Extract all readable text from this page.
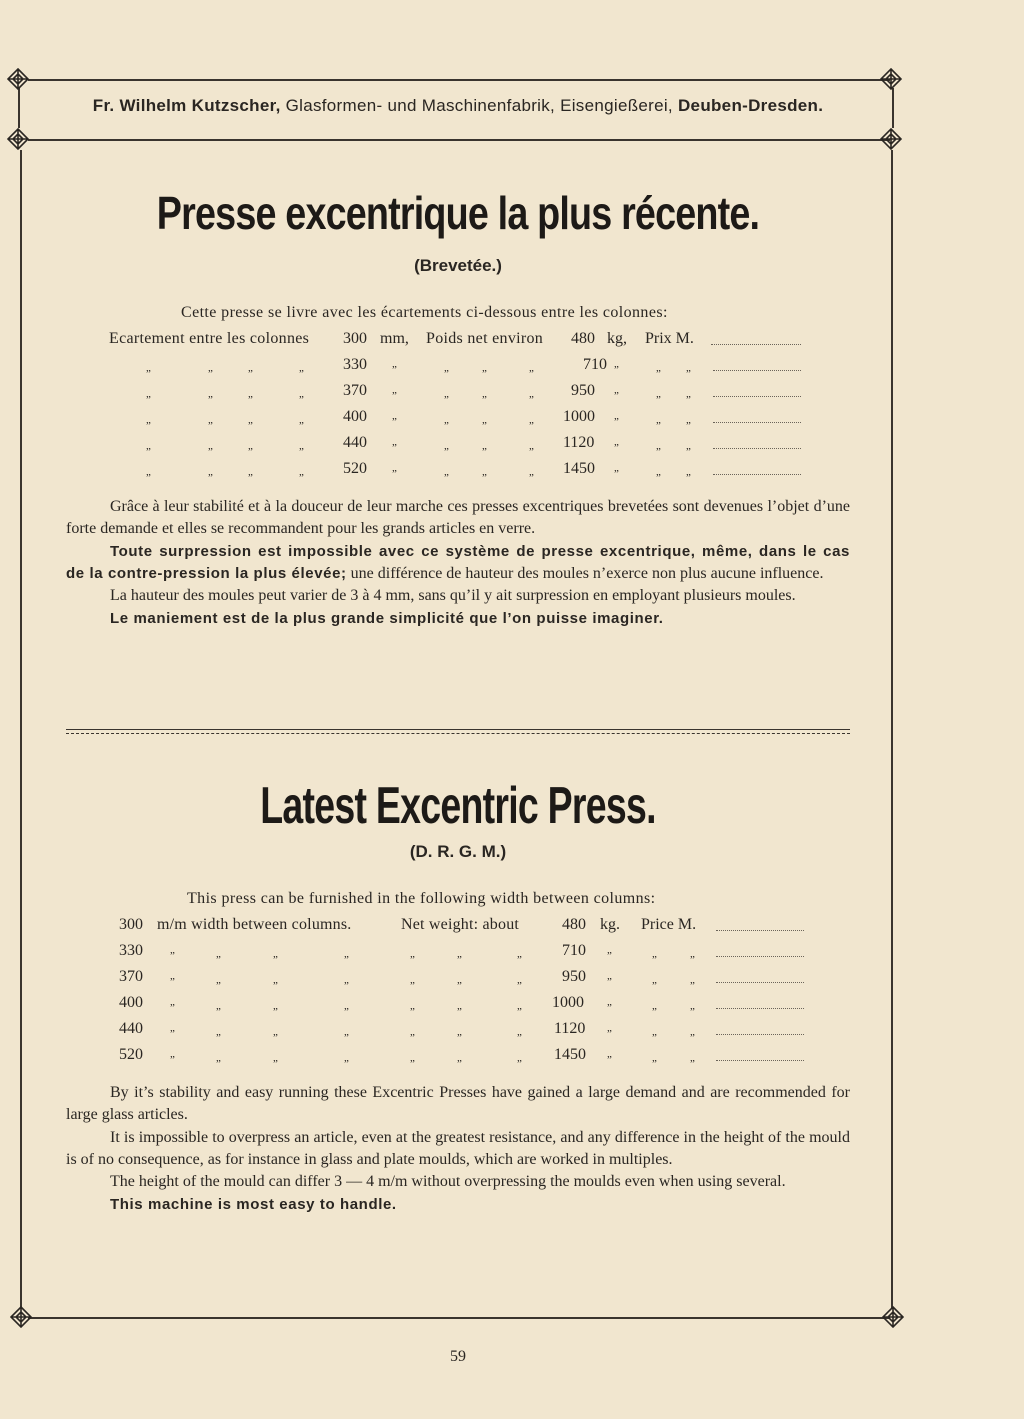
Fr. Wilhelm Kutzscher, Glasformen- und Maschinenfabrik, Eisengießerei, Deuben-Dresden.
Presse excentrique la plus récente.
(Brevetée.)
Cette presse se livre avec les écartements ci-dessous entre les colonnes:
Ecartement entre les colonnes 300 mm, Poids net environ 480 kg, Prix M.
„	„	„	„ 330 „	„	„	„	710 „	„ „
„	„	„	„ 370 „	„	„	„ 950 „	„ „
„	„	„	„ 400 „	„	„	„ 1000 „	„ „
„	„	„	„ 440 „	„	„	„ 1120 „	„ „
„	„	„	„ 520 „	„	„	„ 1450 „	„ „

Grâce à leur stabilité et à la douceur de leur marche ces presses excentriques brevetées sont devenues l’objet d’une forte demande et elles se recommandent pour les grands articles en verre.

Toute surpression est impossible avec ce système de presse excentrique, même, dans le cas de la contre-pression la plus élevée; une différence de hauteur des moules n’exerce non plus aucune influence.

La hauteur des moules peut varier de 3 à 4 mm, sans qu’il y ait surpression en employant plusieurs moules.

Le maniement est de la plus grande simplicité que l’on puisse imaginer.

Latest Excentric Press.
(D. R. G. M.)
This press can be furnished in the following width between columns:
300 m/m width between columns.	Net weight: about	480 kg. Price M.
330 „	„	„	„	„	„	„	710 „	„	„
370 „	„	„	„	„	„	„	950 „	„	„
400 „	„	„	„	„	„	„ 1000 „	„	„
440 „	„	„	„	„	„	„ 1120 „	„	„
520 „	„	„	„	„	„	„ 1450 „	„	„

By it’s stability and easy running these Excentric Presses have gained a large demand and are recommended for large glass articles.

It is impossible to overpress an article, even at the greatest resistance, and any difference in the height of the mould is of no consequence, as for instance in glass and plate moulds, which are worked in multiples.

The height of the mould can differ 3 — 4 m/m without overpressing the moulds even when using several.

This machine is most easy to handle.

59
